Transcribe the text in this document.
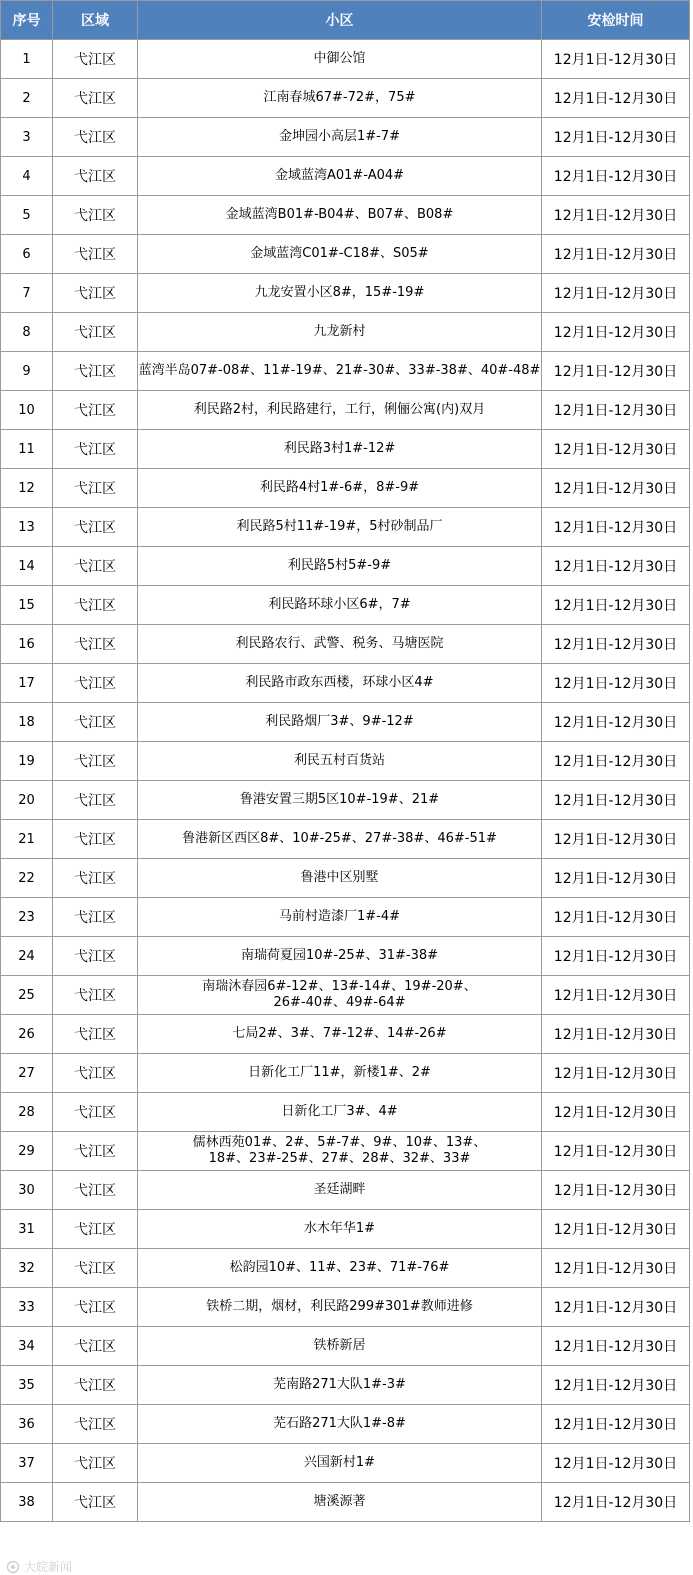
序号	区域	小区	安检时间
1	弋江区	中御公馆	12月1日-12月30日
2	弋江区	江南春城67#-72#，75#	12月1日-12月30日
3	弋江区	金坤园小高层1#-7#	12月1日-12月30日
4	弋江区	金域蓝湾A01#-A04#	12月1日-12月30日
5	弋江区	金域蓝湾B01#-B04#、B07#、B08#	12月1日-12月30日
6	弋江区	金域蓝湾C01#-C18#、S05#	12月1日-12月30日
7	弋江区	九龙安置小区8#，15#-19#	12月1日-12月30日
8	弋江区	九龙新村	12月1日-12月30日
9	弋江区	蓝湾半岛07#-08#、11#-19#、21#-30#、33#-38#、40#-48#	12月1日-12月30日
10	弋江区	利民路2村，利民路建行，工行，俐俪公寓(内)双月	12月1日-12月30日
11	弋江区	利民路3村1#-12#	12月1日-12月30日
12	弋江区	利民路4村1#-6#，8#-9#	12月1日-12月30日
13	弋江区	利民路5村11#-19#，5村砂制品厂	12月1日-12月30日
14	弋江区	利民路5村5#-9#	12月1日-12月30日
15	弋江区	利民路环球小区6#，7#	12月1日-12月30日
16	弋江区	利民路农行、武警、税务、马塘医院	12月1日-12月30日
17	弋江区	利民路市政东西楼，环球小区4#	12月1日-12月30日
18	弋江区	利民路烟厂3#、9#-12#	12月1日-12月30日
19	弋江区	利民五村百货站	12月1日-12月30日
20	弋江区	鲁港安置三期5区10#-19#、21#	12月1日-12月30日
21	弋江区	鲁港新区西区8#、10#-25#、27#-38#、46#-51#	12月1日-12月30日
22	弋江区	鲁港中区别墅	12月1日-12月30日
23	弋江区	马前村造漆厂1#-4#	12月1日-12月30日
24	弋江区	南瑞荷夏园10#-25#、31#-38#	12月1日-12月30日
25	弋江区	南瑞沐春园6#-12#、13#-14#、19#-20#、
26#-40#、49#-64#	12月1日-12月30日
26	弋江区	七局2#、3#、7#-12#、14#-26#	12月1日-12月30日
27	弋江区	日新化工厂11#，新楼1#、2#	12月1日-12月30日
28	弋江区	日新化工厂3#、4#	12月1日-12月30日
29	弋江区	儒林西苑01#、2#、5#-7#、9#、10#、13#、
18#、23#-25#、27#、28#、32#、33#	12月1日-12月30日
30	弋江区	圣廷湖畔	12月1日-12月30日
31	弋江区	水木年华1#	12月1日-12月30日
32	弋江区	松韵园10#、11#、23#、71#-76#	12月1日-12月30日
33	弋江区	铁桥二期，烟材，利民路299#301#教师进修	12月1日-12月30日
34	弋江区	铁桥新居	12月1日-12月30日
35	弋江区	芜南路271大队1#-3#	12月1日-12月30日
36	弋江区	芜石路271大队1#-8#	12月1日-12月30日
37	弋江区	兴国新村1#	12月1日-12月30日
38	弋江区	塘溪源著	12月1日-12月30日
大皖新闻
